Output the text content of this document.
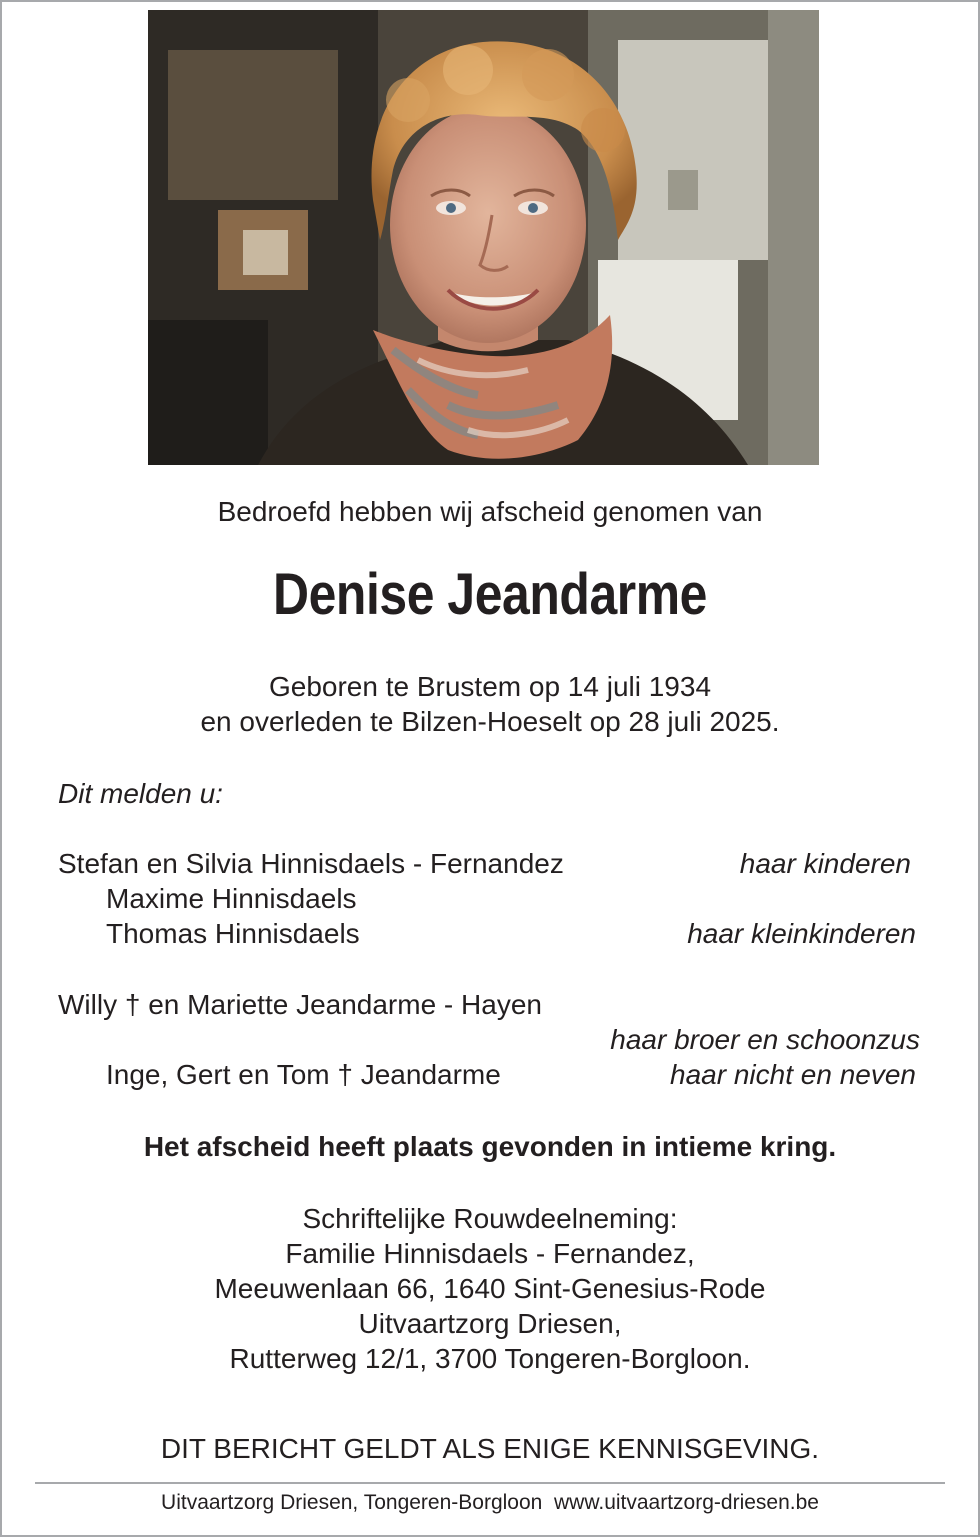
Bedroefd hebben wij afscheid genomen van
Denise Jeandarme
Geboren te Brustem op 14 juli 1934
en overleden te Bilzen-Hoeselt op 28 juli 2025.
Dit melden u:
Stefan en Silvia Hinnisdaels - Fernandez	haar kinderen
Maxime Hinnisdaels
Thomas Hinnisdaels	haar kleinkinderen
Willy † en Mariette Jeandarme - Hayen
haar broer en schoonzus
Inge, Gert en Tom † Jeandarme	haar nicht en neven
Het afscheid heeft plaats gevonden in intieme kring.
Schriftelijke Rouwdeelneming:
Familie Hinnisdaels - Fernandez,
Meeuwenlaan 66, 1640 Sint-Genesius-Rode
Uitvaartzorg Driesen,
Rutterweg 12/1, 3700 Tongeren-Borgloon.
DIT BERICHT GELDT ALS ENIGE KENNISGEVING.
Uitvaartzorg Driesen, Tongeren-Borgloon www.uitvaartzorg-driesen.be
